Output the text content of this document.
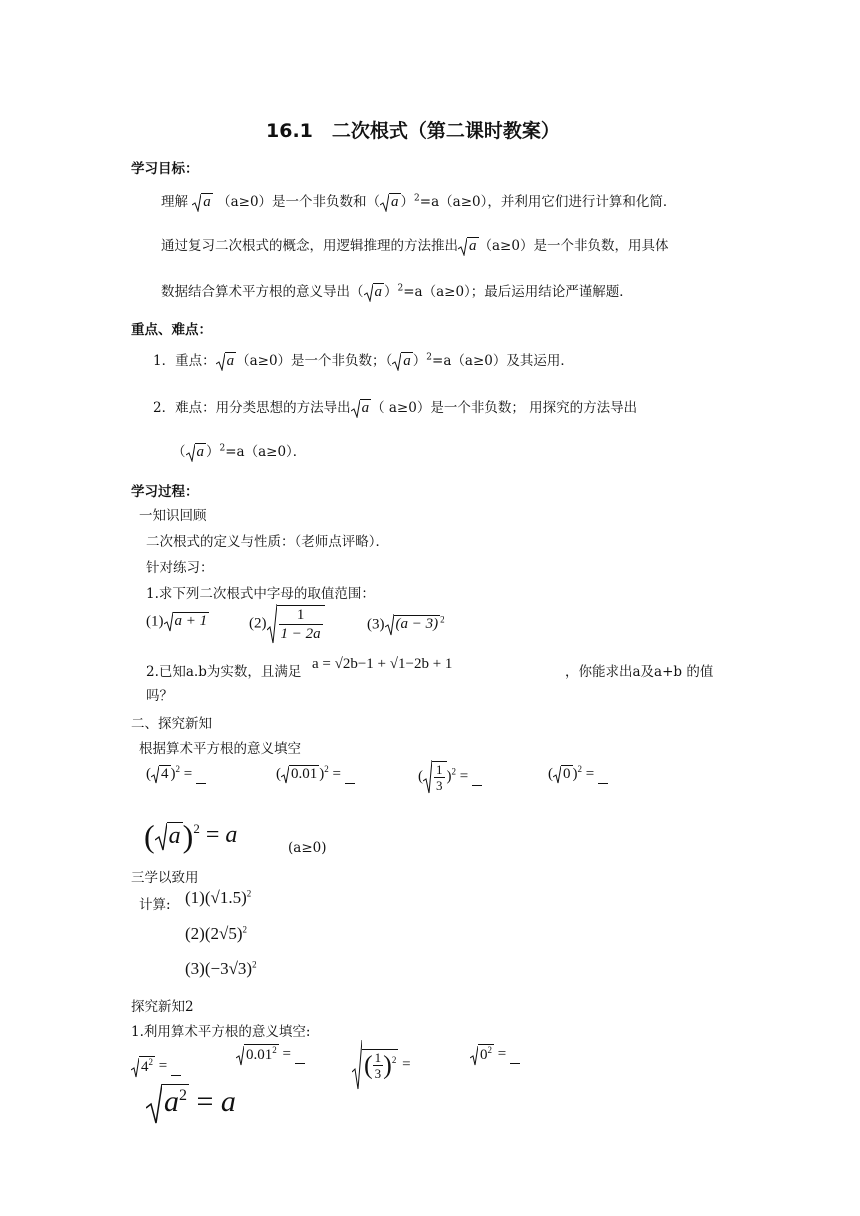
16.1　二次根式（第二课时教案）
学习目标：
理解 a （a≥0）是一个非负数和（ a ）$^2$=a（a≥0），并利用它们进行计算和化简．
通过复习二次根式的概念，用逻辑推理的方法推出 a （a≥0）是一个非负数，用具体
数据结合算术平方根的意义导出（ a ）$^2$=a（a≥0）；最后运用结论严谨解题．
重点、难点：
1．重点： a （a≥0）是一个非负数；（ a ）$^2$=a（a≥0）及其运用．
2．难点：用分类思想的方法导出 a （ a≥0）是一个非负数； 用探究的方法导出
（ a ）$^2$=a（a≥0）．
学习过程：
一知识回顾
二次根式的定义与性质：（老师点评略）．
针对练习：
1.求下列二次根式中字母的取值范围：
(1) a + 1	$(2) \frac{1}{1 - 2a}$	(3) (a − 3) $^2$
2.已知a.b为实数，且满足 a = √2b−1 + √1−2b + 1	，你能求出a及a+b 的值
吗？
二、探究新知
根据算术平方根的意义填空
( 4 )$^2$ =	( 0.01 )$^2$ =	( $\frac{1}{3} )^2$ =	( 0 )$^2$ =
( a)$^2$ = a	(a≥0)
三学以致用
计算: $(1)(√1.5)^2$
$(2)(2√5)^2$
$(3)(-3√3)^2$
探究新知2
1.利用算术平方根的意义填空:
$4^2$ =
$0.01^2$ =	( $\frac{1}{3} )^2$ =
$0^2$ =
$a^2 = a$
